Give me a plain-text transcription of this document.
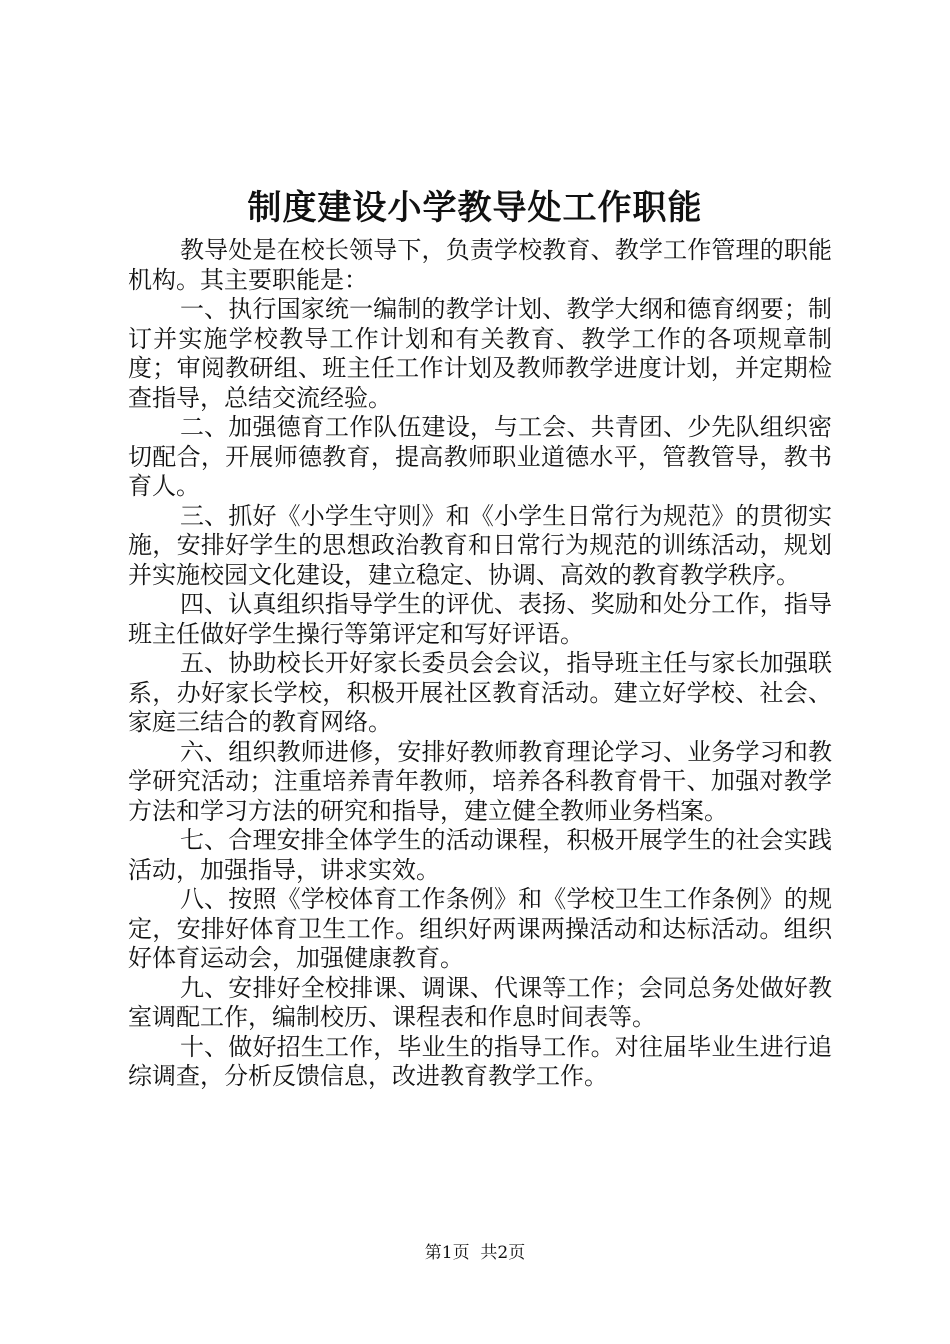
制度建设小学教导处工作职能

教导处是在校长领导下，负责学校教育、教学工作管理的职能机构。其主要职能是：

一、执行国家统一编制的教学计划、教学大纲和德育纲要；制订并实施学校教导工作计划和有关教育、教学工作的各项规章制度；审阅教研组、班主任工作计划及教师教学进度计划，并定期检查指导，总结交流经验。

二、加强德育工作队伍建设，与工会、共青团、少先队组织密切配合，开展师德教育，提高教师职业道德水平，管教管导，教书育人。

三、抓好《小学生守则》和《小学生日常行为规范》的贯彻实施，安排好学生的思想政治教育和日常行为规范的训练活动，规划并实施校园文化建设，建立稳定、协调、高效的教育教学秩序。

四、认真组织指导学生的评优、表扬、奖励和处分工作，指导班主任做好学生操行等第评定和写好评语。

五、协助校长开好家长委员会会议，指导班主任与家长加强联系，办好家长学校，积极开展社区教育活动。建立好学校、社会、家庭三结合的教育网络。

六、组织教师进修，安排好教师教育理论学习、业务学习和教学研究活动；注重培养青年教师，培养各科教育骨干、加强对教学方法和学习方法的研究和指导，建立健全教师业务档案。

七、合理安排全体学生的活动课程，积极开展学生的社会实践活动，加强指导，讲求实效。

八、按照《学校体育工作条例》和《学校卫生工作条例》的规定，安排好体育卫生工作。组织好两课两操活动和达标活动。组织好体育运动会，加强健康教育。

九、安排好全校排课、调课、代课等工作；会同总务处做好教室调配工作，编制校历、课程表和作息时间表等。

十、做好招生工作，毕业生的指导工作。对往届毕业生进行追综调查，分析反馈信息，改进教育教学工作。

第1页 共2页
